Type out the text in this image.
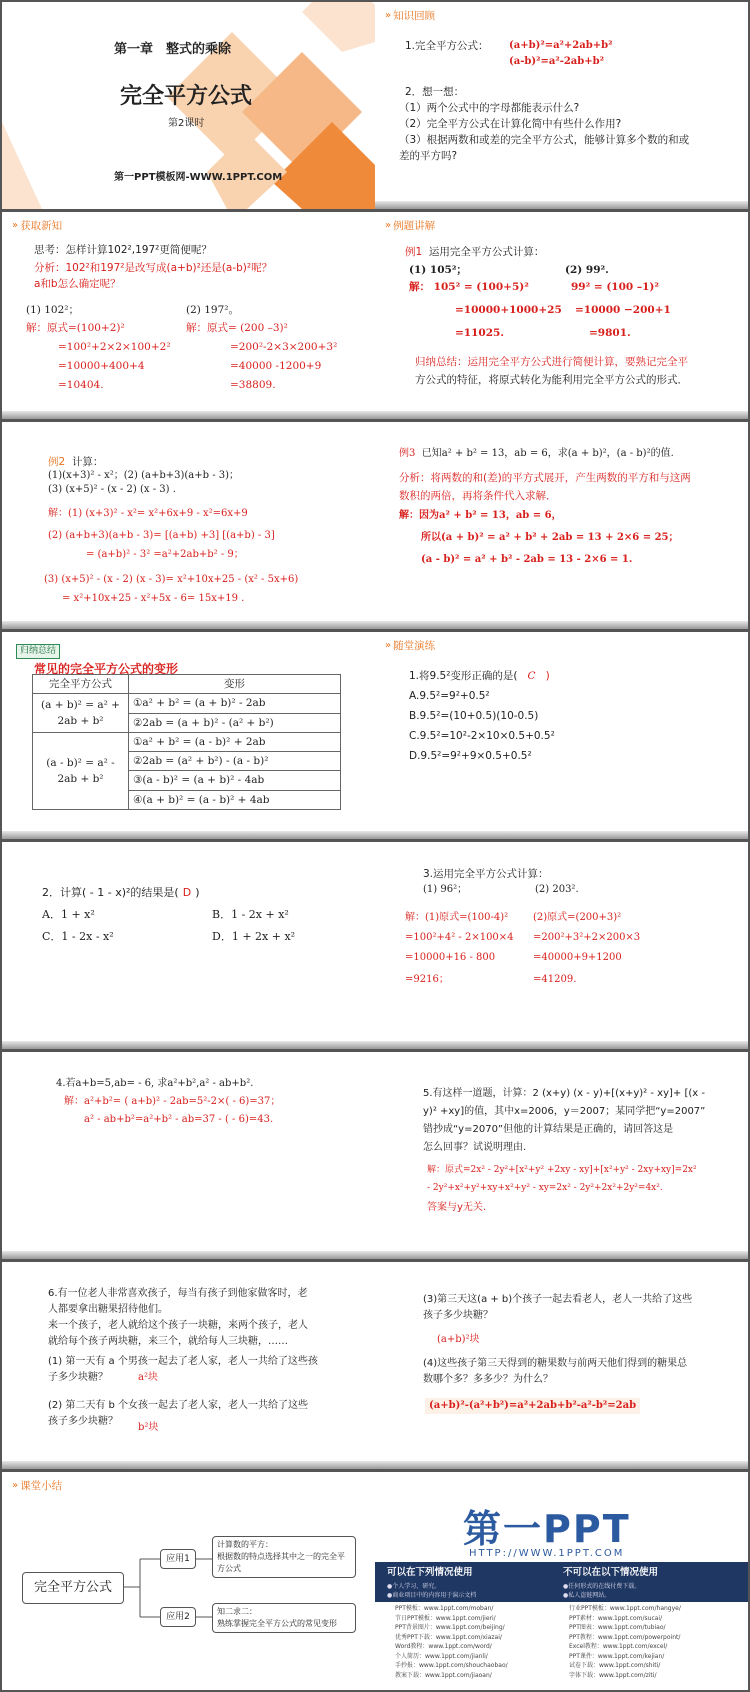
第一章　整式的乘除
完全平方公式
第2课时
第一PPT模板网-WWW.1PPT.COM
» 知识回顾
1.完全平方公式： (a+b)²=a²+2ab+b²
(a-b)²=a²-2ab+b²
2．想一想：
（1）两个公式中的字母都能表示什么?
（2）完全平方公式在计算化简中有些什么作用?
（3）根据两数和或差的完全平方公式，能够计算多个数的和或
差的平方吗?
» 获取新知
思考：怎样计算102²,197²更简便呢？
分析：102²和197²是改写成(a+b)²还是(a-b)²呢？
a和b怎么确定呢？
(1) 102²；	(2) 197²。
解：原式=(100+2)²
=100²+2×2×100+2²
=10000+400+4
=10404.
解：原式= (200 –3)²
=200²-2×3×200+3²
=40000 -1200+9
=38809.
» 例题讲解
例1 运用完全平方公式计算：
(1) 105²；	(2) 99².
解： 105² = (100+5)²
=10000+1000+25
=11025.
99² = (100 –1)²
=10000 −200+1
=9801.
归纳总结：运用完全平方公式进行简便计算，要熟记完全平
方公式的特征，将原式转化为能利用完全平方公式的形式．
例2 计算：
(1)(x+3)² - x²；(2) (a+b+3)(a+b - 3)；
(3) (x+5)² - (x - 2) (x - 3) .
解：(1) (x+3)² - x²= x²+6x+9 - x²=6x+9
(2) (a+b+3)(a+b - 3)= [(a+b) +3] [(a+b) - 3]
= (a+b)² - 3² =a²+2ab+b² - 9；
(3) (x+5)² - (x - 2) (x - 3)= x²+10x+25 - (x² - 5x+6)
= x²+10x+25 - x²+5x - 6= 15x+19 .
例3 已知a² + b² = 13，ab = 6，求(a + b)²，(a - b)²的值.
分析：将两数的和(差)的平方式展开，产生两数的平方和与这两
数积的两倍，再将条件代入求解．
解：因为a² + b² = 13，ab = 6，
所以(a + b)² = a² + b² + 2ab = 13 + 2×6 = 25；
(a - b)² = a² + b² - 2ab = 13 - 2×6 = 1.
归纳总结
常见的完全平方公式的变形
完全平方公式	变形

(a + b)² = a² +
2ab + b²	①a² + b² = (a + b)² - 2ab
	②2ab = (a + b)² - (a² + b²)

(a - b)² = a² -
2ab + b²	①a² + b² = (a - b)² + 2ab
	②2ab = (a² + b²) - (a - b)²
	③(a - b)² = (a + b)² - 4ab
	④(a + b)² = (a - b)² + 4ab
» 随堂演练
1.将9.5²变形正确的是( C )
A.9.5²=9²+0.5²
B.9.5²=(10+0.5)(10-0.5)
C.9.5²=10²-2×10×0.5+0.5²
D.9.5²=9²+9×0.5+0.5²
2．计算( - 1 - x)²的结果是( D )
A．1 + x²	B．1 - 2x + x²
C．1 - 2x - x²	D．1 + 2x + x²
3.运用完全平方公式计算：
(1) 96²；	(2) 203².
解：(1)原式=(100-4)²
=100²+4² - 2×100×4
=10000+16 - 800
=9216；
(2)原式=(200+3)²
=200²+3²+2×200×3
=40000+9+1200
=41209.
4.若a+b=5,ab= - 6, 求a²+b²,a² - ab+b².
解：a²+b²= ( a+b)² - 2ab=5²-2×( - 6)=37；
a² - ab+b²=a²+b² - ab=37 - ( - 6)=43.
5.有这样一道题，计算：2 (x+y) (x - y)+[(x+y)² - xy]+ [(x -
y)² +xy]的值，其中x=2006，y＝2007；某同学把“y=2007”
错抄成“y=2070”但他的计算结果是正确的，请回答这是
怎么回事？试说明理由.
解：原式=2x² - 2y²+[x²+y² +2xy - xy]+[x²+y² - 2xy+xy]=2x²
- 2y²+x²+y²+xy+x²+y² - xy=2x² - 2y²+2x²+2y²=4x².
答案与y无关.
6.有一位老人非常喜欢孩子，每当有孩子到他家做客时，老
人都要拿出糖果招待他们。
来一个孩子，老人就给这个孩子一块糖，来两个孩子，老人
就给每个孩子两块糖，来三个，就给每人三块糖，……
(1) 第一天有 a 个男孩一起去了老人家，老人一共给了这些孩
子多少块糖？	a²块
(2) 第二天有 b 个女孩一起去了老人家，老人一共给了这些
孩子多少块糖？
b²块
(3)第三天这(a + b)个孩子一起去看老人，老人一共给了这些
孩子多少块糖？
(a+b)²块
(4)这些孩子第三天得到的糖果数与前两天他们得到的糖果总
数哪个多？多多少？为什么？
(a+b)²-(a²+b²)=a²+2ab+b²-a²-b²=2ab
» 课堂小结
完全平方公式
应用1
应用2
计算数的平方：
根据数的特点选择其中之一的完全平
方公式
知二求二：
熟练掌握完全平方公式的常见变形
第一PPT
HTTP://WWW.1PPT.COM
可以在下列情况使用	不可以在以下情况使用
●个人学习、研究。
●商业项目中的内容用于演示文档
●任何形式的在线付费下载。
●私人盗链网站。
PPT模板：www.1ppt.com/moban/
节日PPT模板：www.1ppt.com/jieri/
PPT背景图片：www.1ppt.com/beijing/
优秀PPT下载：www.1ppt.com/xiazai/
Word教程：www.1ppt.com/word/
个人简历：www.1ppt.com/jianli/
手抄报：www.1ppt.com/shouchaobao/
教案下载：www.1ppt.com/jiaoan/
行业PPT模板：www.1ppt.com/hangye/
PPT素材：www.1ppt.com/sucai/
PPT图表：www.1ppt.com/tubiao/
PPT教程：www.1ppt.com/powerpoint/
Excel教程：www.1ppt.com/excel/
PPT课件：www.1ppt.com/kejian/
试卷下载：www.1ppt.com/shiti/
字体下载：www.1ppt.com/ziti/
